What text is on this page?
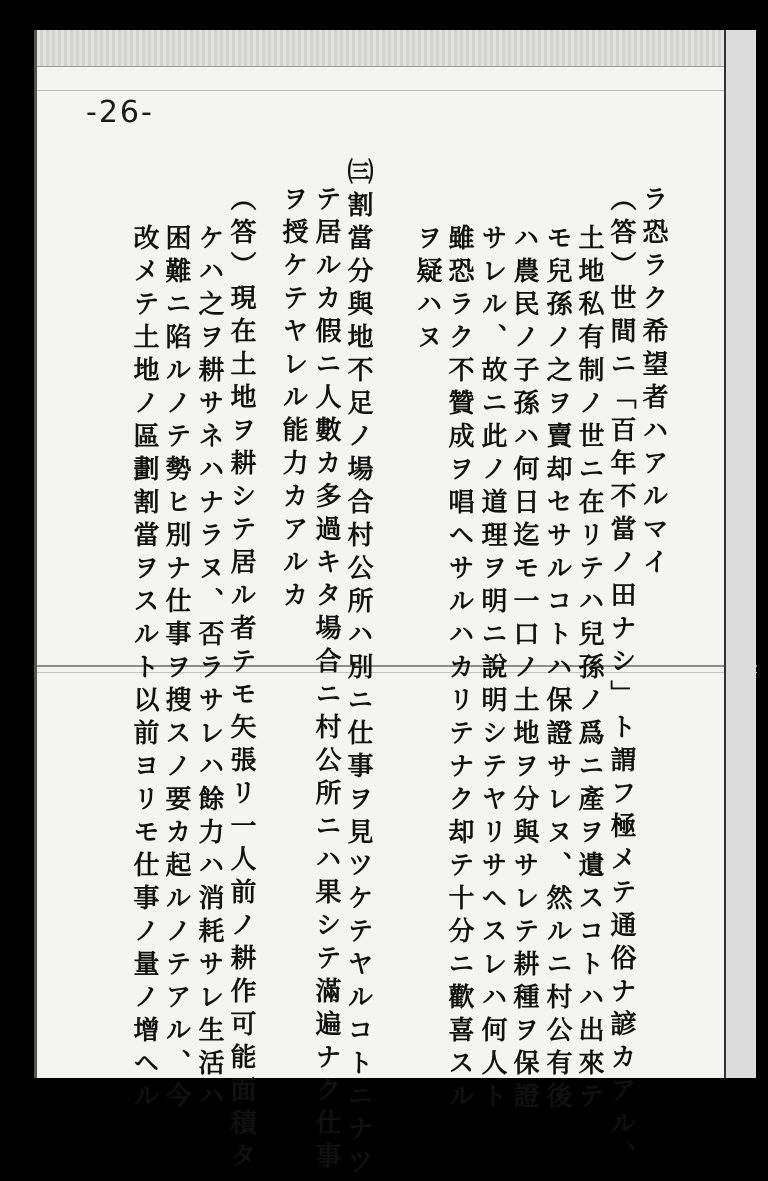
-26-
ラ恐ラク希望者ハアルマイ
（答）世間ニ「百年不當ノ田ナシ」ト謂フ極メテ通俗ナ諺カアル、
土地私有制ノ世ニ在リテハ兒孫ノ爲ニ產ヲ遺スコトハ出來テ
モ兒孫ノ之ヲ賣却セサルコトハ保證サレヌ、然ルニ村公有後
ハ農民ノ子孫ハ何日迄モ一口ノ土地ヲ分與サレテ耕種ヲ保證
サレル、故ニ此ノ道理ヲ明ニ說明シテヤリサヘスレハ何人ト
雖恐ラク不贊成ヲ唱ヘサルハカリテナク却テ十分ニ歡喜スル
ヲ疑ハヌ
㈢割當分與地不足ノ場合村公所ハ別ニ仕事ヲ見ツケテヤルコトニナツ
テ居ルカ假ニ人數カ多過キタ場合ニ村公所ニハ果シテ滿遍ナク仕事
ヲ授ケテヤレル能力カアルカ
（答）現在土地ヲ耕シテ居ル者テモ矢張リ一人前ノ耕作可能面積タ
ケハ之ヲ耕サネハナラヌ、否ラサレハ餘力ハ消耗サレ生活ハ
困難ニ陷ルノテ勢ヒ別ナ仕事ヲ搜スノ要カ起ルノテアル、今
改メテ土地ノ區劃割當ヲスルト以前ヨリモ仕事ノ量ノ增ヘル
